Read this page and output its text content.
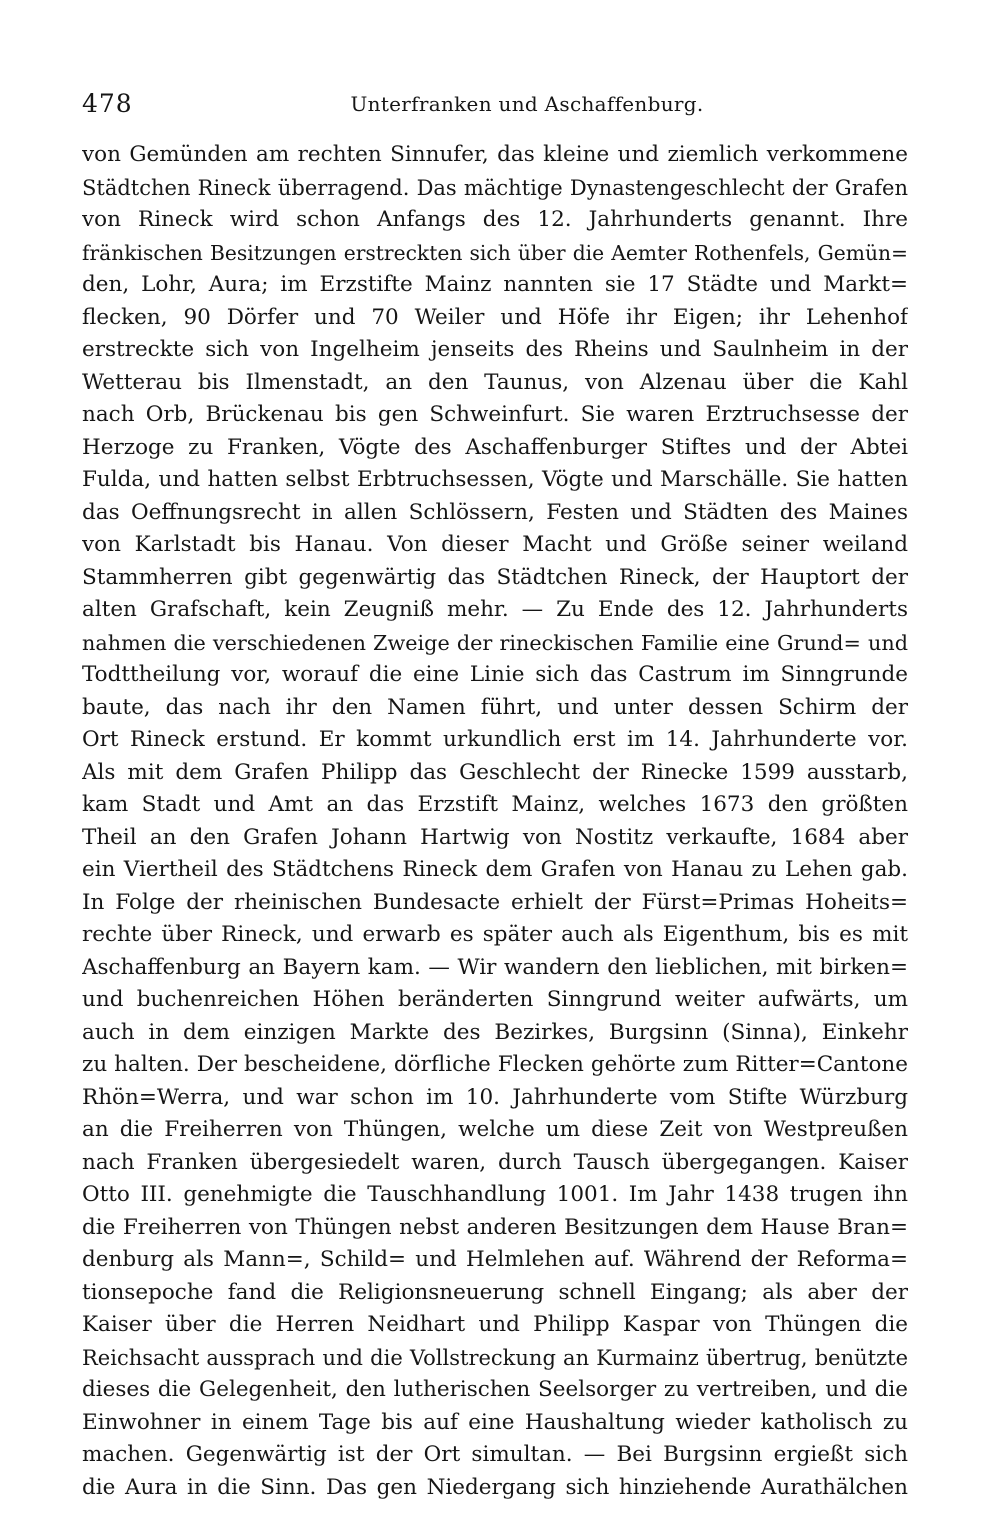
478	Unterfranken und Aschaffenburg.
von Gemünden am rechten Sinnufer, das kleine und ziemlich verkommene
Städtchen Rineck überragend. Das mächtige Dynastengeschlecht der Grafen
von Rineck wird schon Anfangs des 12. Jahrhunderts genannt. Ihre
fränkischen Besitzungen erstreckten sich über die Aemter Rothenfels, Gemün=
den, Lohr, Aura; im Erzstifte Mainz nannten sie 17 Städte und Markt=
flecken, 90 Dörfer und 70 Weiler und Höfe ihr Eigen; ihr Lehenhof
erstreckte sich von Ingelheim jenseits des Rheins und Saulnheim in der
Wetterau bis Ilmenstadt, an den Taunus, von Alzenau über die Kahl
nach Orb, Brückenau bis gen Schweinfurt. Sie waren Erztruchsesse der
Herzoge zu Franken, Vögte des Aschaffenburger Stiftes und der Abtei
Fulda, und hatten selbst Erbtruchsessen, Vögte und Marschälle. Sie hatten
das Oeffnungsrecht in allen Schlössern, Festen und Städten des Maines
von Karlstadt bis Hanau. Von dieser Macht und Größe seiner weiland
Stammherren gibt gegenwärtig das Städtchen Rineck, der Hauptort der
alten Grafschaft, kein Zeugniß mehr. — Zu Ende des 12. Jahrhunderts
nahmen die verschiedenen Zweige der rineckischen Familie eine Grund= und
Todttheilung vor, worauf die eine Linie sich das Castrum im Sinngrunde
baute, das nach ihr den Namen führt, und unter dessen Schirm der
Ort Rineck erstund. Er kommt urkundlich erst im 14. Jahrhunderte vor.
Als mit dem Grafen Philipp das Geschlecht der Rinecke 1599 ausstarb,
kam Stadt und Amt an das Erzstift Mainz, welches 1673 den größten
Theil an den Grafen Johann Hartwig von Nostitz verkaufte, 1684 aber
ein Viertheil des Städtchens Rineck dem Grafen von Hanau zu Lehen gab.
In Folge der rheinischen Bundesacte erhielt der Fürst=Primas Hoheits=
rechte über Rineck, und erwarb es später auch als Eigenthum, bis es mit
Aschaffenburg an Bayern kam. — Wir wandern den lieblichen, mit birken=
und buchenreichen Höhen beränderten Sinngrund weiter aufwärts, um
auch in dem einzigen Markte des Bezirkes, Burgsinn (Sinna), Einkehr
zu halten. Der bescheidene, dörfliche Flecken gehörte zum Ritter=Cantone
Rhön=Werra, und war schon im 10. Jahrhunderte vom Stifte Würzburg
an die Freiherren von Thüngen, welche um diese Zeit von Westpreußen
nach Franken übergesiedelt waren, durch Tausch übergegangen. Kaiser
Otto III. genehmigte die Tauschhandlung 1001. Im Jahr 1438 trugen ihn
die Freiherren von Thüngen nebst anderen Besitzungen dem Hause Bran=
denburg als Mann=, Schild= und Helmlehen auf. Während der Reforma=
tionsepoche fand die Religionsneuerung schnell Eingang; als aber der
Kaiser über die Herren Neidhart und Philipp Kaspar von Thüngen die
Reichsacht aussprach und die Vollstreckung an Kurmainz übertrug, benützte
dieses die Gelegenheit, den lutherischen Seelsorger zu vertreiben, und die
Einwohner in einem Tage bis auf eine Haushaltung wieder katholisch zu
machen. Gegenwärtig ist der Ort simultan. — Bei Burgsinn ergießt sich
die Aura in die Sinn. Das gen Niedergang sich hinziehende Aurathälchen
